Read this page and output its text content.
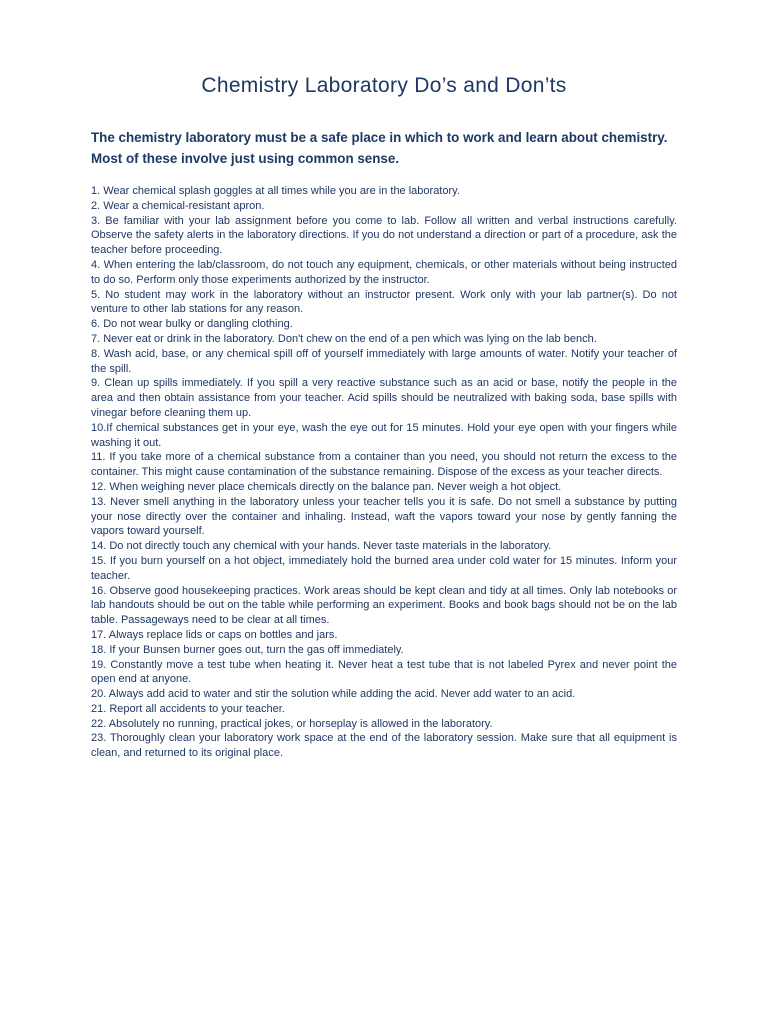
Chemistry Laboratory Do’s and Don’ts

The chemistry laboratory must be a safe place in which to work and learn about chemistry. Most of these involve just using common sense.

1. Wear chemical splash goggles at all times while you are in the laboratory.
2. Wear a chemical-resistant apron.
3. Be familiar with your lab assignment before you come to lab. Follow all written and verbal instructions carefully. Observe the safety alerts in the laboratory directions. If you do not understand a direction or part of a procedure, ask the teacher before proceeding.
4. When entering the lab/classroom, do not touch any equipment, chemicals, or other materials without being instructed to do so. Perform only those experiments authorized by the instructor.
5. No student may work in the laboratory without an instructor present. Work only with your lab partner(s). Do not venture to other lab stations for any reason.
6. Do not wear bulky or dangling clothing.
7. Never eat or drink in the laboratory. Don't chew on the end of a pen which was lying on the lab bench.
8. Wash acid, base, or any chemical spill off of yourself immediately with large amounts of water. Notify your teacher of the spill.
9. Clean up spills immediately. If you spill a very reactive substance such as an acid or base, notify the people in the area and then obtain assistance from your teacher. Acid spills should be neutralized with baking soda, base spills with vinegar before cleaning them up.
10.If chemical substances get in your eye, wash the eye out for 15 minutes. Hold your eye open with your fingers while washing it out.
11. If you take more of a chemical substance from a container than you need, you should not return the excess to the container. This might cause contamination of the substance remaining. Dispose of the excess as your teacher directs.
12. When weighing never place chemicals directly on the balance pan. Never weigh a hot object.
13. Never smell anything in the laboratory unless your teacher tells you it is safe. Do not smell a substance by putting your nose directly over the container and inhaling. Instead, waft the vapors toward your nose by gently fanning the vapors toward yourself.
14. Do not directly touch any chemical with your hands. Never taste materials in the laboratory.
15. If you burn yourself on a hot object, immediately hold the burned area under cold water for 15 minutes. Inform your teacher.
16. Observe good housekeeping practices. Work areas should be kept clean and tidy at all times. Only lab notebooks or lab handouts should be out on the table while performing an experiment. Books and book bags should not be on the lab table. Passageways need to be clear at all times.
17. Always replace lids or caps on bottles and jars.
18. If your Bunsen burner goes out, turn the gas off immediately.
19. Constantly move a test tube when heating it. Never heat a test tube that is not labeled Pyrex and never point the open end at anyone.
20. Always add acid to water and stir the solution while adding the acid. Never add water to an acid.
21. Report all accidents to your teacher.
22. Absolutely no running, practical jokes, or horseplay is allowed in the laboratory.
23. Thoroughly clean your laboratory work space at the end of the laboratory session. Make sure that all equipment is clean, and returned to its original place.
